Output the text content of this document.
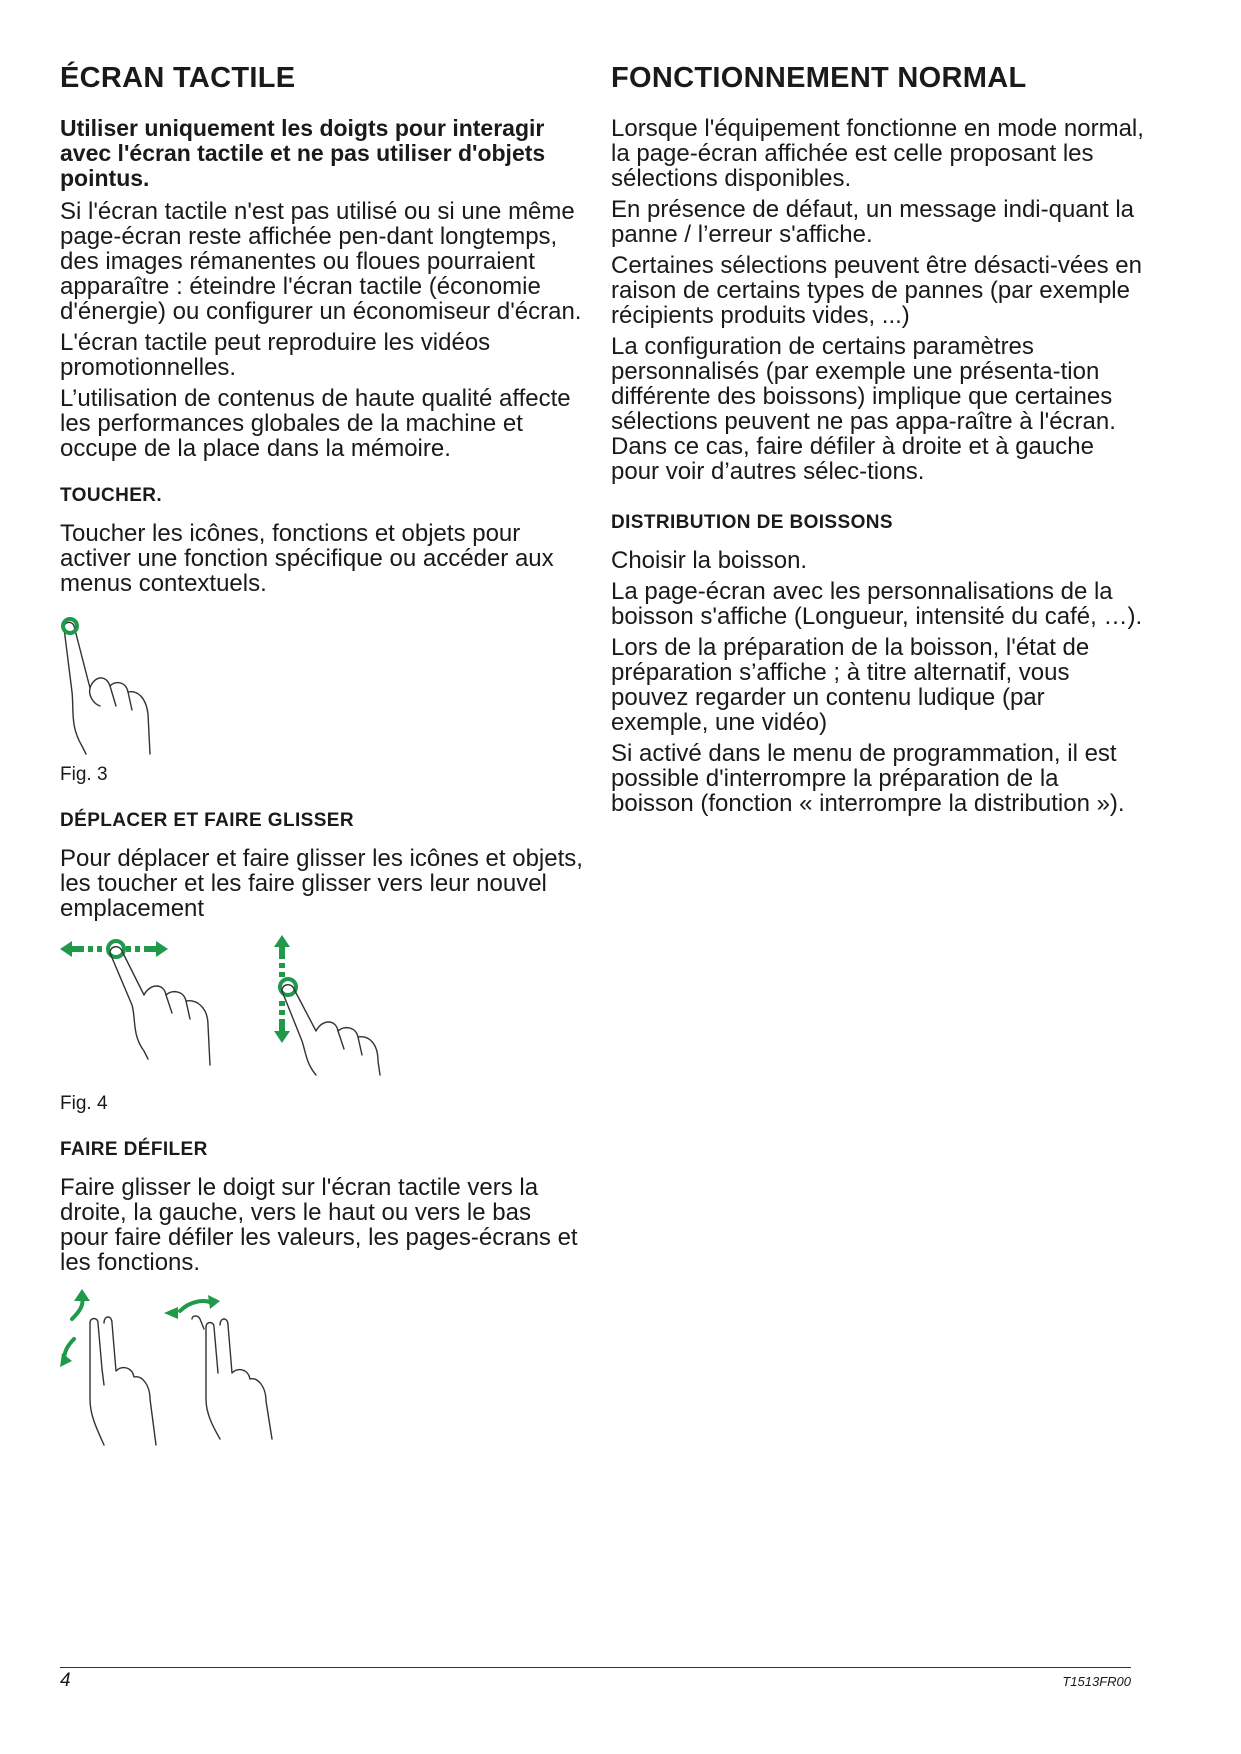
ÉCRAN TACTILE
Utiliser uniquement les doigts pour interagir avec l'écran tactile et ne pas utiliser d'objets pointus.

Si l'écran tactile n'est pas utilisé ou si une même page-écran reste affichée pen-dant longtemps, des images rémanentes ou floues pourraient apparaître : éteindre l'écran tactile (économie d'énergie) ou configurer un économiseur d'écran.

L'écran tactile peut reproduire les vidéos promotionnelles.

L’utilisation de contenus de haute qualité affecte les performances globales de la machine et occupe de la place dans la mémoire.

TOUCHER.

Toucher les icônes, fonctions et objets pour activer une fonction spécifique ou accéder aux menus contextuels.

Fig. 3
DÉPLACER ET FAIRE GLISSER

Pour déplacer et faire glisser les icônes et objets, les toucher et les faire glisser vers leur nouvel emplacement

Fig. 4
FAIRE DÉFILER

Faire glisser le doigt sur l'écran tactile vers la droite, la gauche, vers le haut ou vers le bas pour faire défiler les valeurs, les pages-écrans et les fonctions.

FONCTIONNEMENT NORMAL

Lorsque l'équipement fonctionne en mode normal, la page-écran affichée est celle proposant les sélections disponibles.

En présence de défaut, un message indi-quant la panne / l’erreur s'affiche.

Certaines sélections peuvent être désacti-vées en raison de certains types de pannes (par exemple récipients produits vides, ...)

La configuration de certains paramètres personnalisés (par exemple une présenta-tion différente des boissons) implique que certaines sélections peuvent ne pas appa-raître à l'écran. Dans ce cas, faire défiler à droite et à gauche pour voir d’autres sélec-tions.

DISTRIBUTION DE BOISSONS

Choisir la boisson.

La page-écran avec les personnalisations de la boisson s'affiche (Longueur, intensité du café, …).

Lors de la préparation de la boisson, l'état de préparation s’affiche ; à titre alternatif, vous pouvez regarder un contenu ludique (par exemple, une vidéo)

Si activé dans le menu de programmation, il est possible d'interrompre la préparation de la boisson (fonction « interrompre la distribution »).

4	T1513FR00
